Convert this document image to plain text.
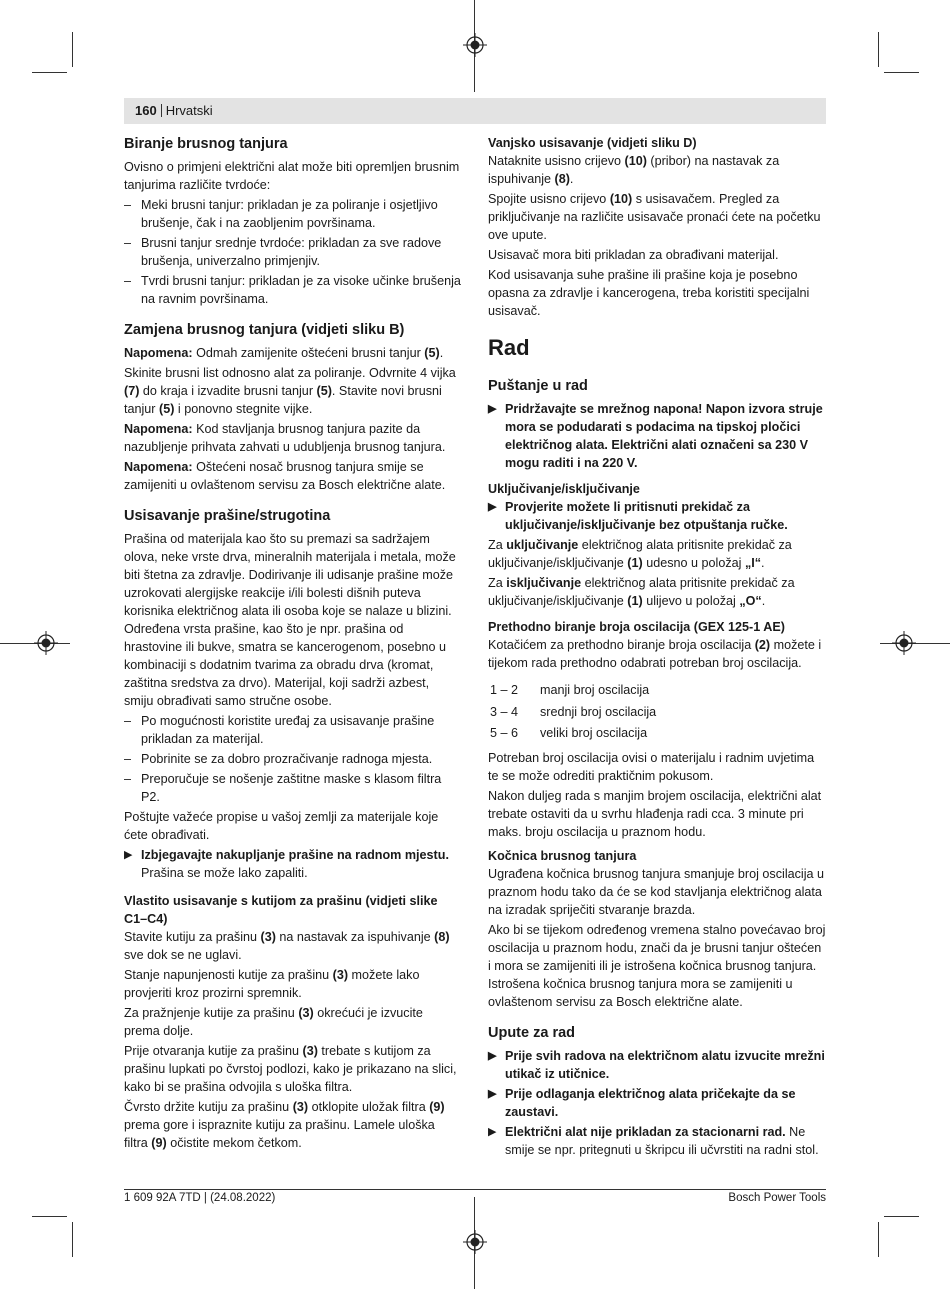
160 Hrvatski
Biranje brusnog tanjura

Ovisno o primjeni električni alat može biti opremljen brusnim tanjurima različite tvrdoće:

– Meki brusni tanjur: prikladan je za poliranje i osjetljivo brušenje, čak i na zaobljenim površinama.
– Brusni tanjur srednje tvrdoće: prikladan za sve radove brušenja, univerzalno primjenjiv.
– Tvrdi brusni tanjur: prikladan je za visoke učinke brušenja na ravnim površinama.
Zamjena brusnog tanjura (vidjeti sliku B)

Napomena: Odmah zamijenite oštećeni brusni tanjur (5).

Skinite brusni list odnosno alat za poliranje. Odvrnite 4 vijka (7) do kraja i izvadite brusni tanjur (5). Stavite novi brusni tanjur (5) i ponovno stegnite vijke.

Napomena: Kod stavljanja brusnog tanjura pazite da nazubljenje prihvata zahvati u udubljenja brusnog tanjura.

Napomena: Oštećeni nosač brusnog tanjura smije se zamijeniti u ovlaštenom servisu za Bosch električne alate.

Usisavanje prašine/strugotina

Prašina od materijala kao što su premazi sa sadržajem olova, neke vrste drva, mineralnih materijala i metala, može biti štetna za zdravlje. Dodirivanje ili udisanje prašine može uzrokovati alergijske reakcije i/ili bolesti dišnih puteva korisnika električnog alata ili osoba koje se nalaze u blizini. Određena vrsta prašine, kao što je npr. prašina od hrastovine ili bukve, smatra se kancerogenom, posebno u kombinaciji s dodatnim tvarima za obradu drva (kromat, zaštitna sredstva za drvo). Materijal, koji sadrži azbest, smiju obrađivati samo stručne osobe.

– Po mogućnosti koristite uređaj za usisavanje prašine prikladan za materijal.
– Pobrinite se za dobro prozračivanje radnoga mjesta.
– Preporučuje se nošenje zaštitne maske s klasom filtra P2.

Poštujte važeće propise u vašoj zemlji za materijale koje ćete obrađivati.

▶ Izbjegavajte nakupljanje prašine na radnom mjestu. Prašina se može lako zapaliti.
Vlastito usisavanje s kutijom za prašinu (vidjeti slike C1–C4)

Stavite kutiju za prašinu (3) na nastavak za ispuhivanje (8) sve dok se ne uglavi.

Stanje napunjenosti kutije za prašinu (3) možete lako provjeriti kroz prozirni spremnik.

Za pražnjenje kutije za prašinu (3) okrećući je izvucite prema dolje.

Prije otvaranja kutije za prašinu (3) trebate s kutijom za prašinu lupkati po čvrstoj podlozi, kako je prikazano na slici, kako bi se prašina odvojila s uloška filtra.

Čvrsto držite kutiju za prašinu (3) otklopite uložak filtra (9) prema gore i ispraznite kutiju za prašinu. Lamele uloška filtra (9) očistite mekom četkom.

Vanjsko usisavanje (vidjeti sliku D)

Nataknite usisno crijevo (10) (pribor) na nastavak za ispuhivanje (8).

Spojite usisno crijevo (10) s usisavačem. Pregled za priključivanje na različite usisavače pronaći ćete na početku ove upute.

Usisavač mora biti prikladan za obrađivani materijal.

Kod usisavanja suhe prašine ili prašine koja je posebno opasna za zdravlje i kancerogena, treba koristiti specijalni usisavač.

Rad
Puštanje u rad
▶ Pridržavajte se mrežnog napona! Napon izvora struje mora se podudarati s podacima na tipskoj pločici električnog alata. Električni alati označeni sa 230 V mogu raditi i na 220 V.
Uključivanje/isključivanje
▶ Provjerite možete li pritisnuti prekidač za uključivanje/isključivanje bez otpuštanja ručke.

Za uključivanje električnog alata pritisnite prekidač za uključivanje/isključivanje (1) udesno u položaj „I“.

Za isključivanje električnog alata pritisnite prekidač za uključivanje/isključivanje (1) ulijevo u položaj „O“.

Prethodno biranje broja oscilacija (GEX 125-1 AE)

Kotačićem za prethodno biranje broja oscilacija (2) možete i tijekom rada prethodno odabrati potreban broj oscilacija.

1 – 2	manji broj oscilacija
3 – 4	srednji broj oscilacija
5 – 6	veliki broj oscilacija

Potreban broj oscilacija ovisi o materijalu i radnim uvjetima te se može odrediti praktičnim pokusom.

Nakon duljeg rada s manjim brojem oscilacija, električni alat trebate ostaviti da u svrhu hlađenja radi cca. 3 minute pri maks. broju oscilacija u praznom hodu.

Kočnica brusnog tanjura

Ugrađena kočnica brusnog tanjura smanjuje broj oscilacija u praznom hodu tako da će se kod stavljanja električnog alata na izradak spriječiti stvaranje brazda.

Ako bi se tijekom određenog vremena stalno povećavao broj oscilacija u praznom hodu, znači da je brusni tanjur oštećen i mora se zamijeniti ili je istrošena kočnica brusnog tanjura. Istrošena kočnica brusnog tanjura mora se zamijeniti u ovlaštenom servisu za Bosch električne alate.

Upute za rad
▶ Prije svih radova na električnom alatu izvucite mrežni utikač iz utičnice.
▶ Prije odlaganja električnog alata pričekajte da se zaustavi.
▶ Električni alat nije prikladan za stacionarni rad. Ne smije se npr. pritegnuti u škripcu ili učvrstiti na radni stol.
1 609 92A 7TD | (24.08.2022)	Bosch Power Tools
